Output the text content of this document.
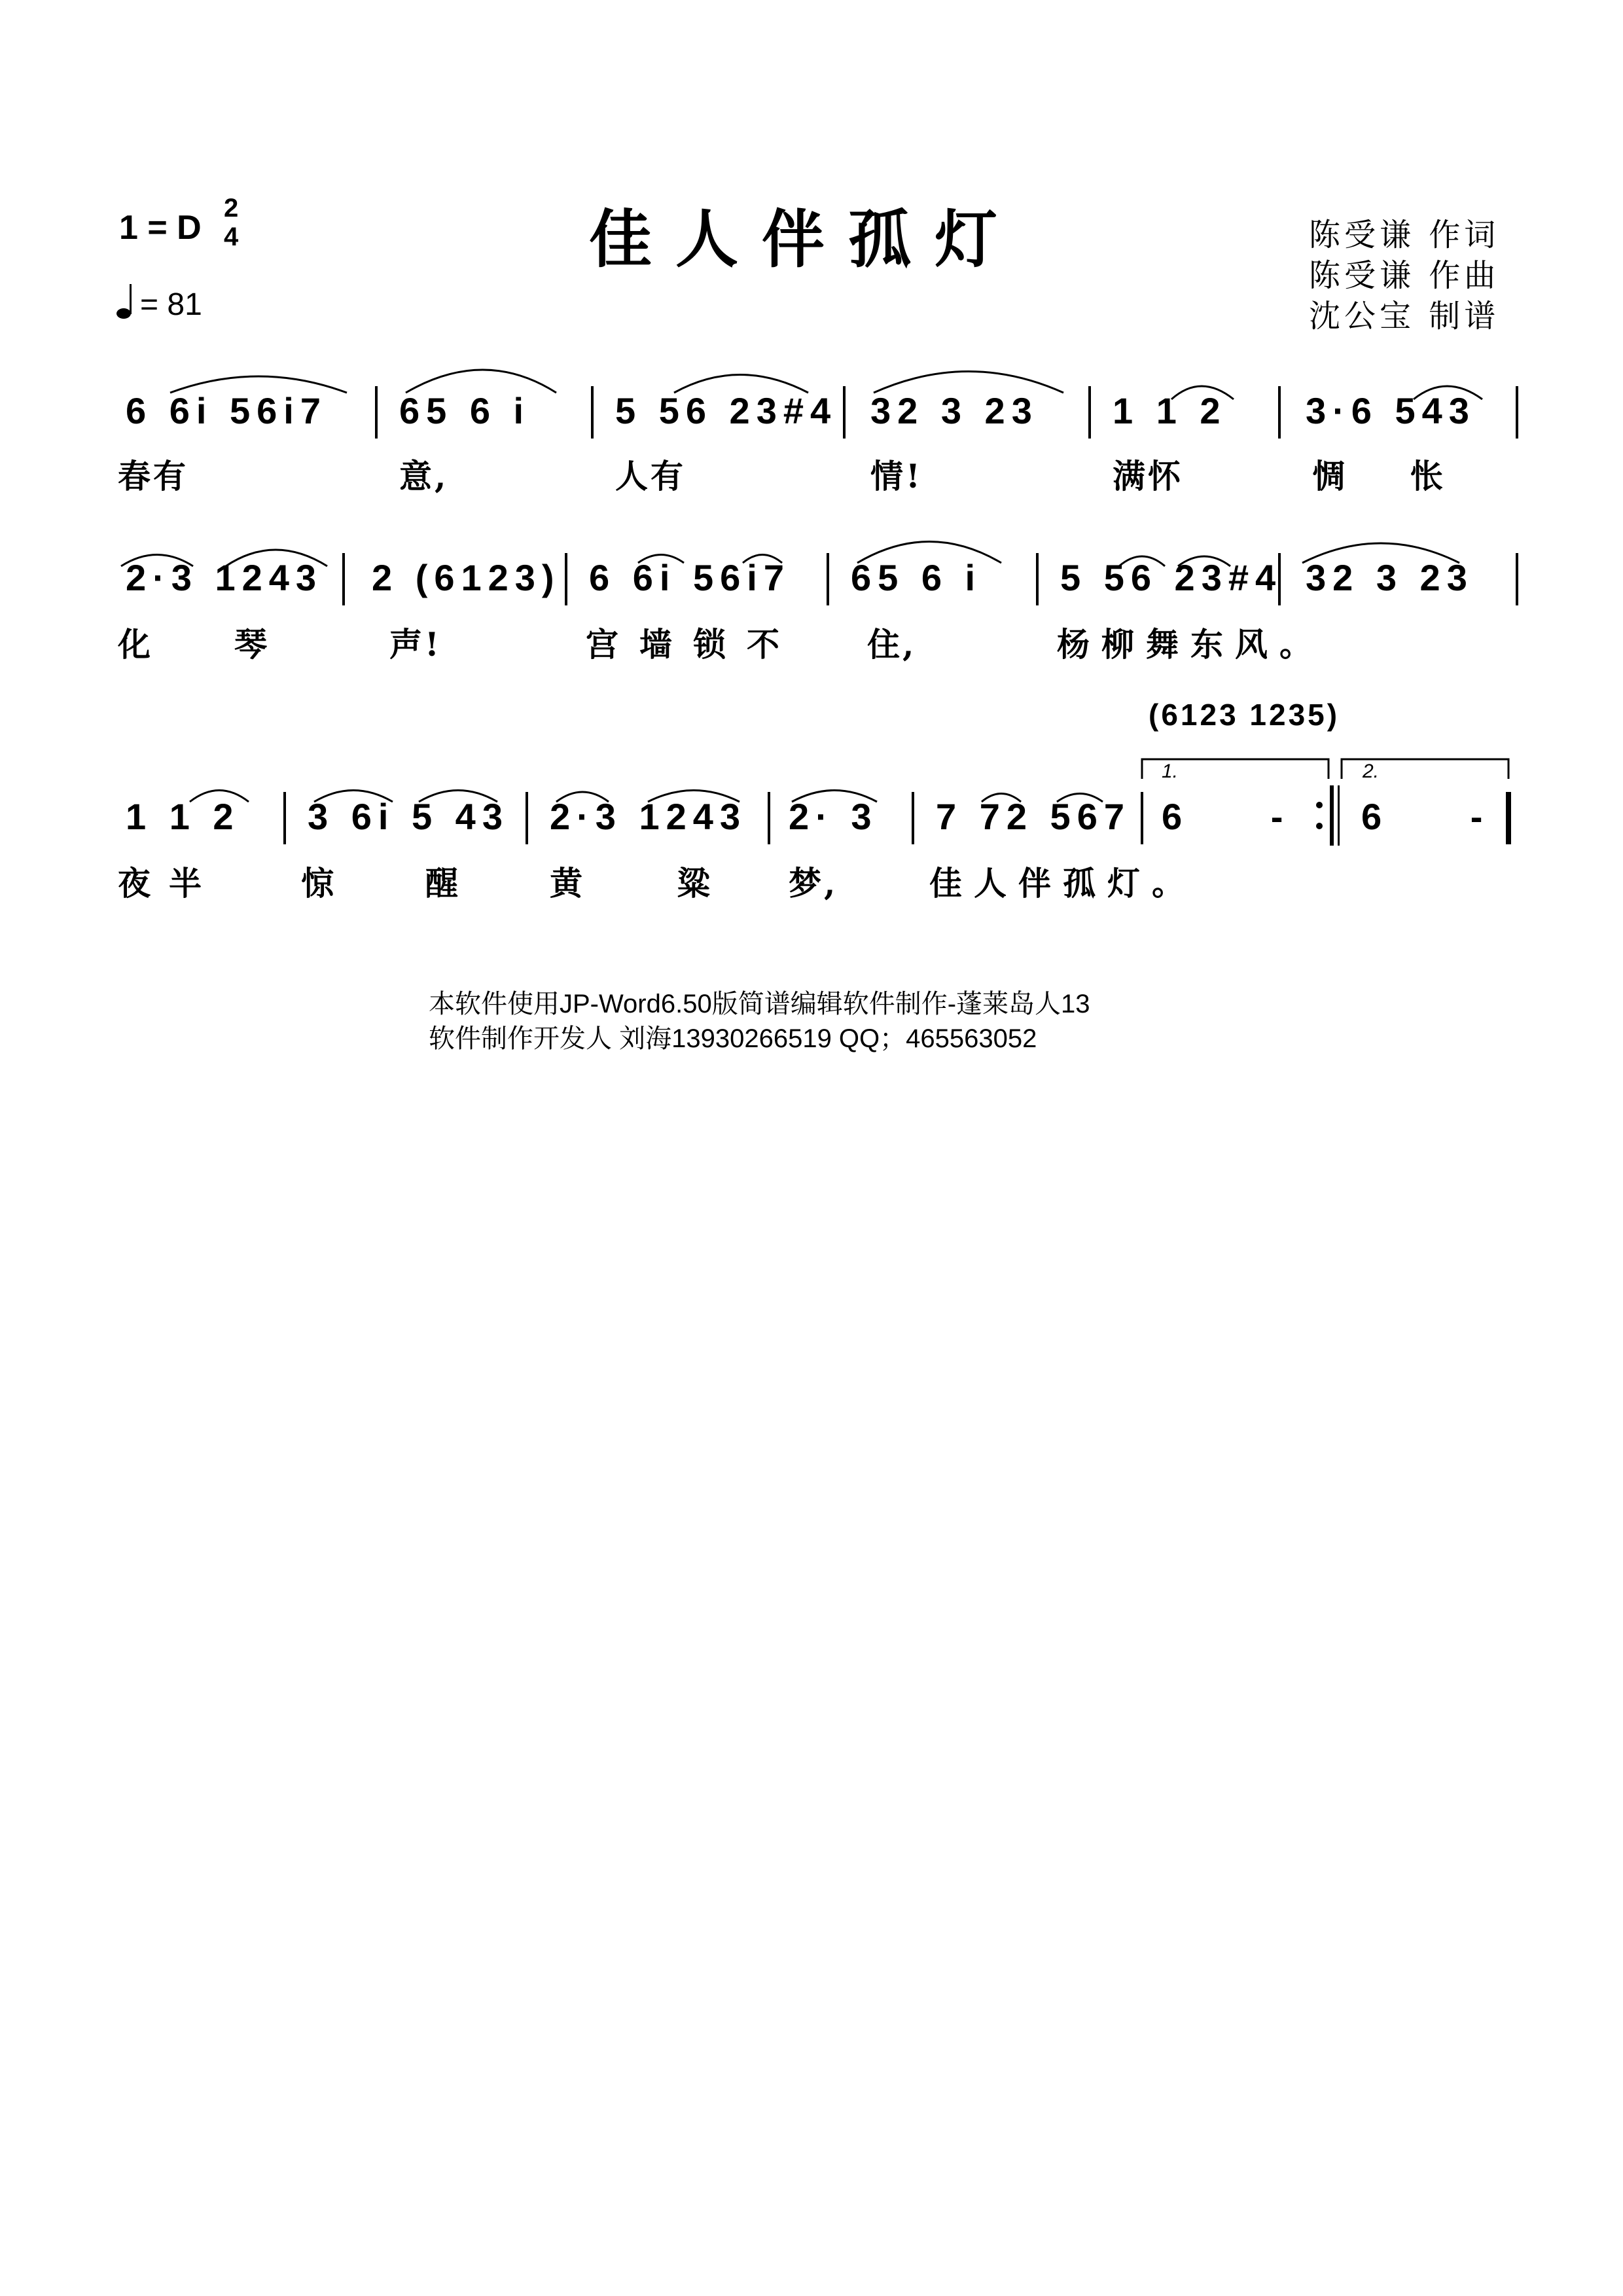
1 = D
2
4
= 81
佳人伴孤灯	陈受谦 作词
陈受谦 作曲
沈公宝 制谱
6 6i 56i7 65 6 i 5 56 23#4 32 3 23 1 1 2 3·6 543
春有	意,	人有	情!	满怀	惆 怅
2·3 1243 2 (6123) 6 6i 56i7 65 6 i 5 56 23#4 32 3 23
化 琴	声!	宫墙锁不 住,	杨柳舞东风。
(6123 1235)
1.	2.
1 1 2 3 6i 5 43 2·3 1243 2· 3 7 72 567 6 - 6 -
夜半 惊	醒	黄	粱 梦,	佳人伴孤灯。
本软件使用JP-Word6.50版简谱编辑软件制作-蓬莱岛人13
软件制作开发人 刘海13930266519 QQ；465563052
